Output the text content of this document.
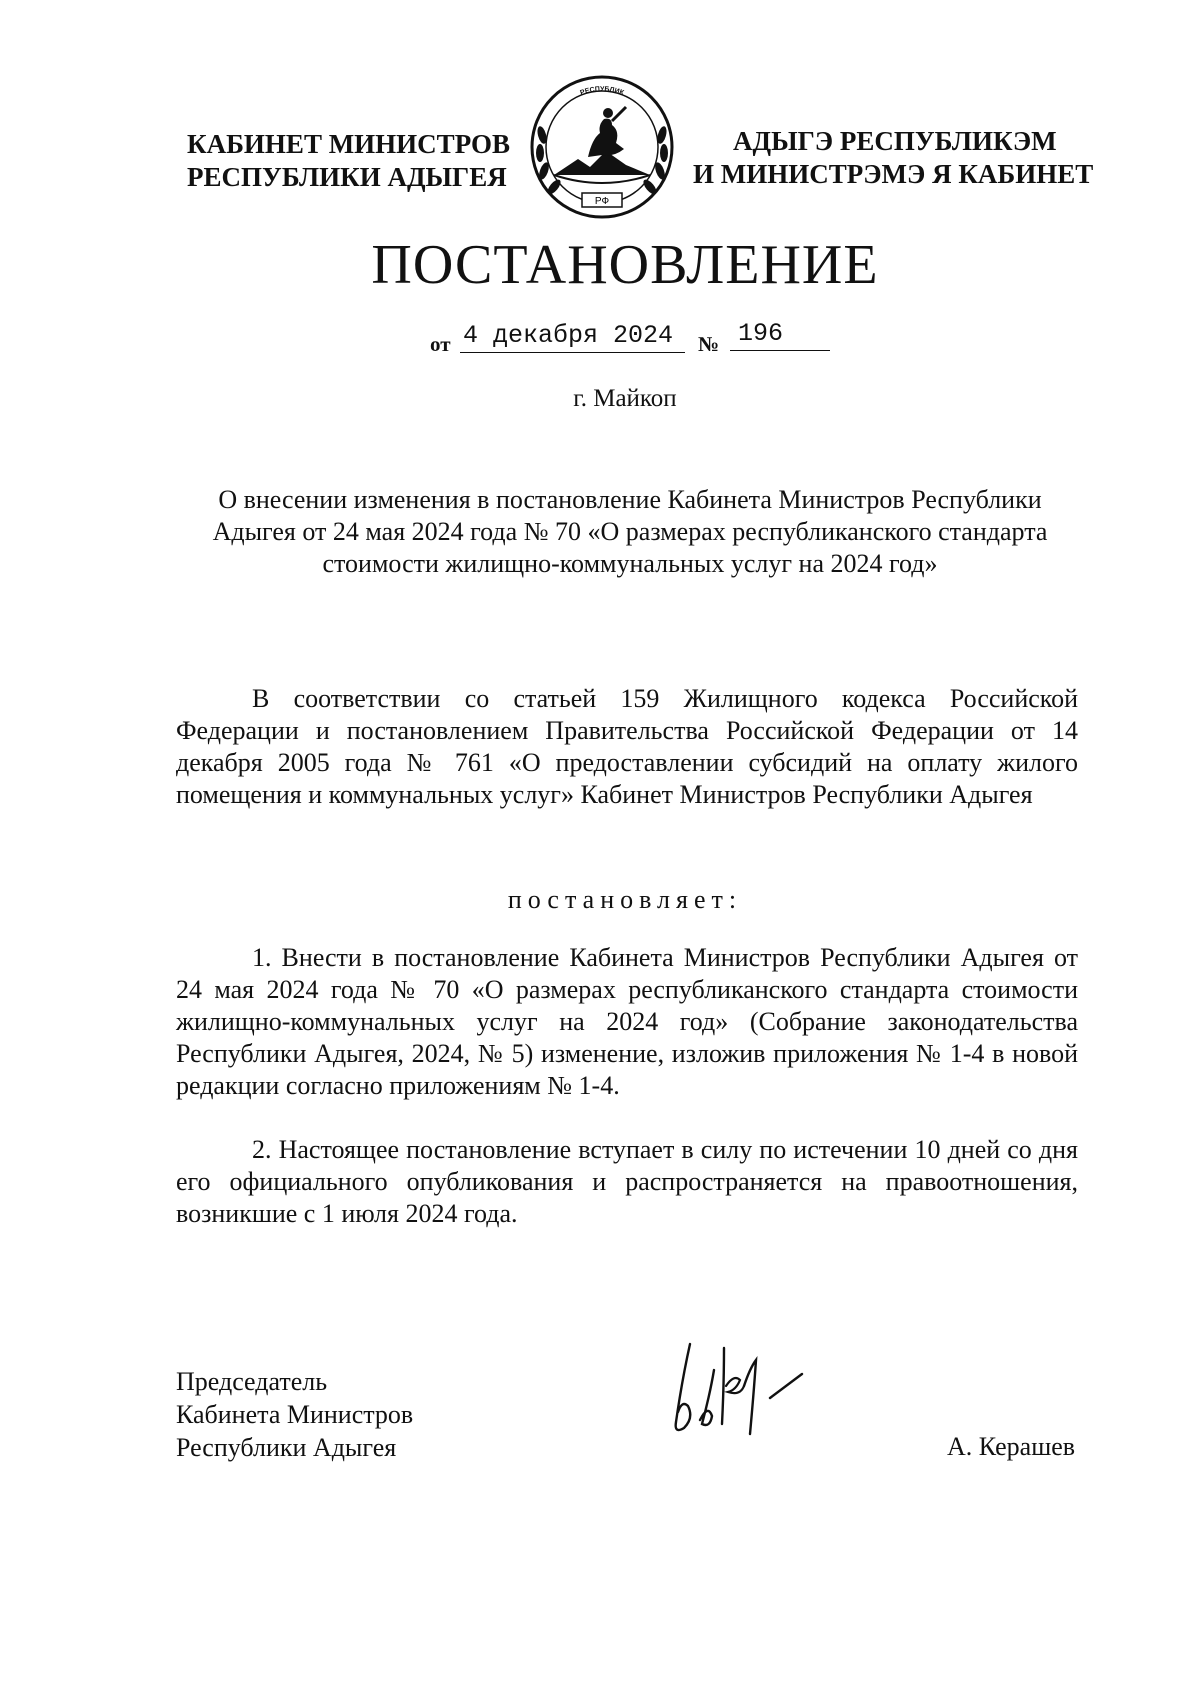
КАБИНЕТ МИНИСТРОВ
РЕСПУБЛИКИ АДЫГЕЯ
РФ
РЕСПУБЛИК
АДЫГЭ РЕСПУБЛИКЭМ
И МИНИСТРЭМЭ Я КАБИНЕТ
ПОСТАНОВЛЕНИЕ
от 4 декабря 2024	№ 196
г. Майкоп
О внесении изменения в постановление Кабинета Министров Республики Адыгея от 24 мая 2024 года № 70 «О размерах республиканского стандарта стоимости жилищно-коммунальных услуг на 2024 год»
В соответствии со статьей 159 Жилищного кодекса Российской Федерации и постановлением Правительства Российской Федерации от 14 декабря 2005 года № 761 «О предоставлении субсидий на оплату жилого помещения и коммунальных услуг» Кабинет Министров Республики Адыгея
постановляет:
1. Внести в постановление Кабинета Министров Республики Адыгея от 24 мая 2024 года № 70 «О размерах республиканского стандарта стоимости жилищно-коммунальных услуг на 2024 год» (Собрание законодательства Республики Адыгея, 2024, № 5) изменение, изложив приложения № 1-4 в новой редакции согласно приложениям № 1-4.
2. Настоящее постановление вступает в силу по истечении 10 дней со дня его официального опубликования и распространяется на правоотношения, возникшие с 1 июля 2024 года.
Председатель
Кабинета Министров
Республики Адыгея	А. Керашев
